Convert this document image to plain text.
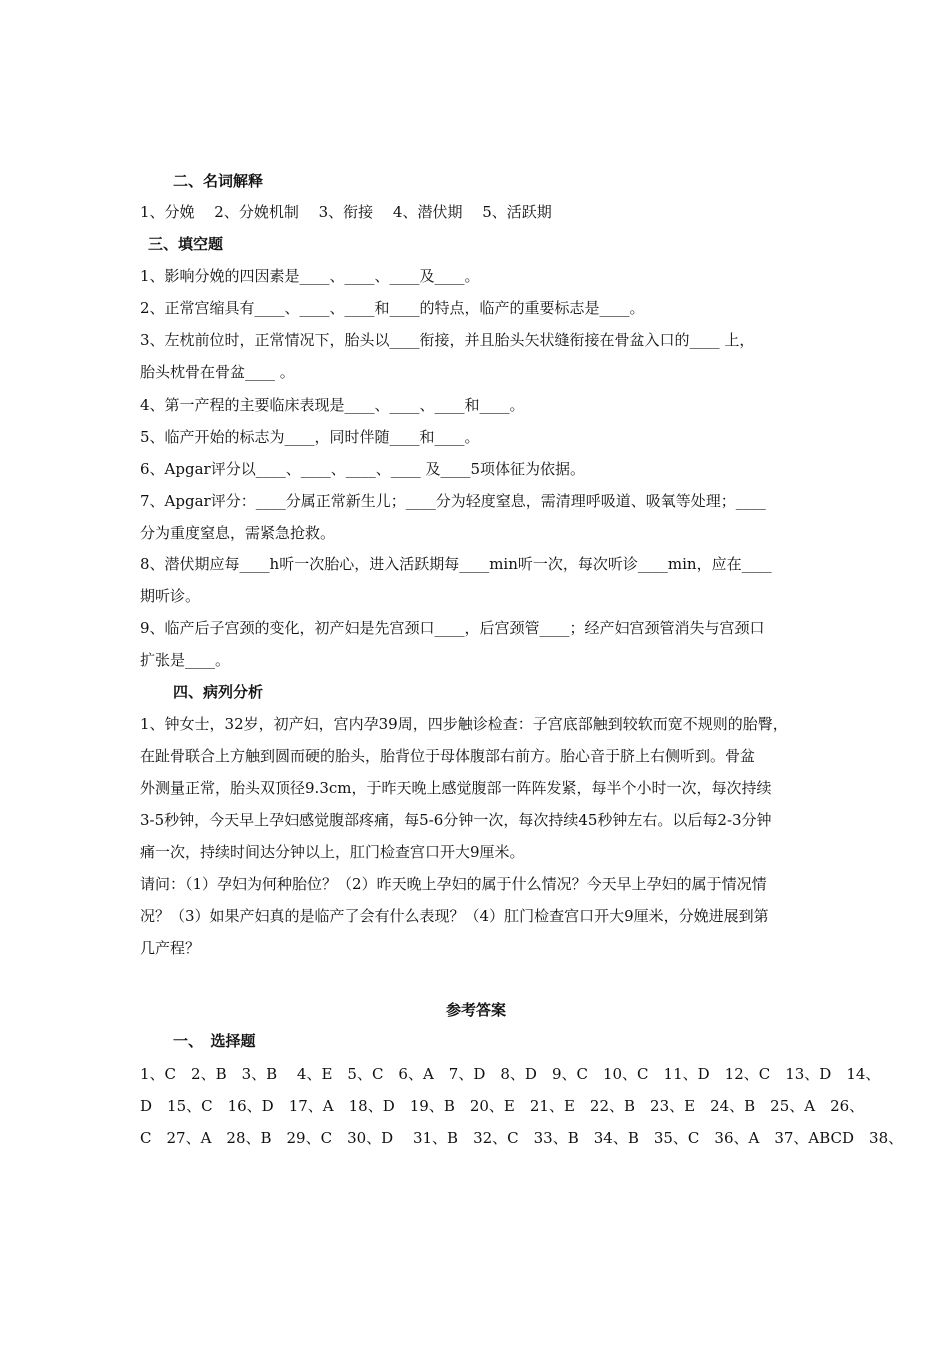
二、名词解释
1、分娩　 2、分娩机制　 3、衔接　 4、潜伏期　 5、活跃期
三、填空题
1、影响分娩的四因素是____、____、____及____。
2、正常宫缩具有____、____、____和____的特点，临产的重要标志是____。
3、左枕前位时，正常情况下，胎头以____衔接，并且胎头矢状缝衔接在骨盆入口的____ 上，
胎头枕骨在骨盆____ 。
4、第一产程的主要临床表现是____、____、____和____。
5、临产开始的标志为____，同时伴随____和____。
6、Apgar评分以____、____、____、____ 及____5项体征为依据。
7、Apgar评分：____分属正常新生儿；____分为轻度窒息，需清理呼吸道、吸氧等处理；____
分为重度窒息，需紧急抢救。
8、潜伏期应每____h听一次胎心，进入活跃期每____min听一次，每次听诊____min，应在____
期听诊。
9、临产后子宫颈的变化，初产妇是先宫颈口____，后宫颈管____；经产妇宫颈管消失与宫颈口
扩张是____。
四、病列分析
1、钟女士，32岁，初产妇，宫内孕39周，四步触诊检查：子宫底部触到较软而宽不规则的胎臀，
在趾骨联合上方触到圆而硬的胎头，胎背位于母体腹部右前方。胎心音于脐上右侧听到。骨盆
外测量正常，胎头双顶径9.3cm，于昨天晚上感觉腹部一阵阵发紧，每半个小时一次，每次持续
3-5秒钟，今天早上孕妇感觉腹部疼痛，每5-6分钟一次，每次持续45秒钟左右。以后每2-3分钟
痛一次，持续时间达分钟以上，肛门检查宫口开大9厘米。
请问：（1）孕妇为何种胎位？（2）昨天晚上孕妇的属于什么情况？今天早上孕妇的属于情况情
况？（3）如果产妇真的是临产了会有什么表现？（4）肛门检查宫口开大9厘米，分娩进展到第
几产程？
参考答案
一、　选择题
1、C　2、B　3、B　 4、E　5、C　6、A　7、D　8、D　9、C　10、C　11、D　12、C　13、D　14、
D　15、C　16、D　17、A　18、D　19、B　20、E　21、E　22、B　23、E　24、B　25、A　26、
C　27、A　28、B　29、C　30、D　 31、B　32、C　33、B　34、B　35、C　36、A　37、ABCD　38、
